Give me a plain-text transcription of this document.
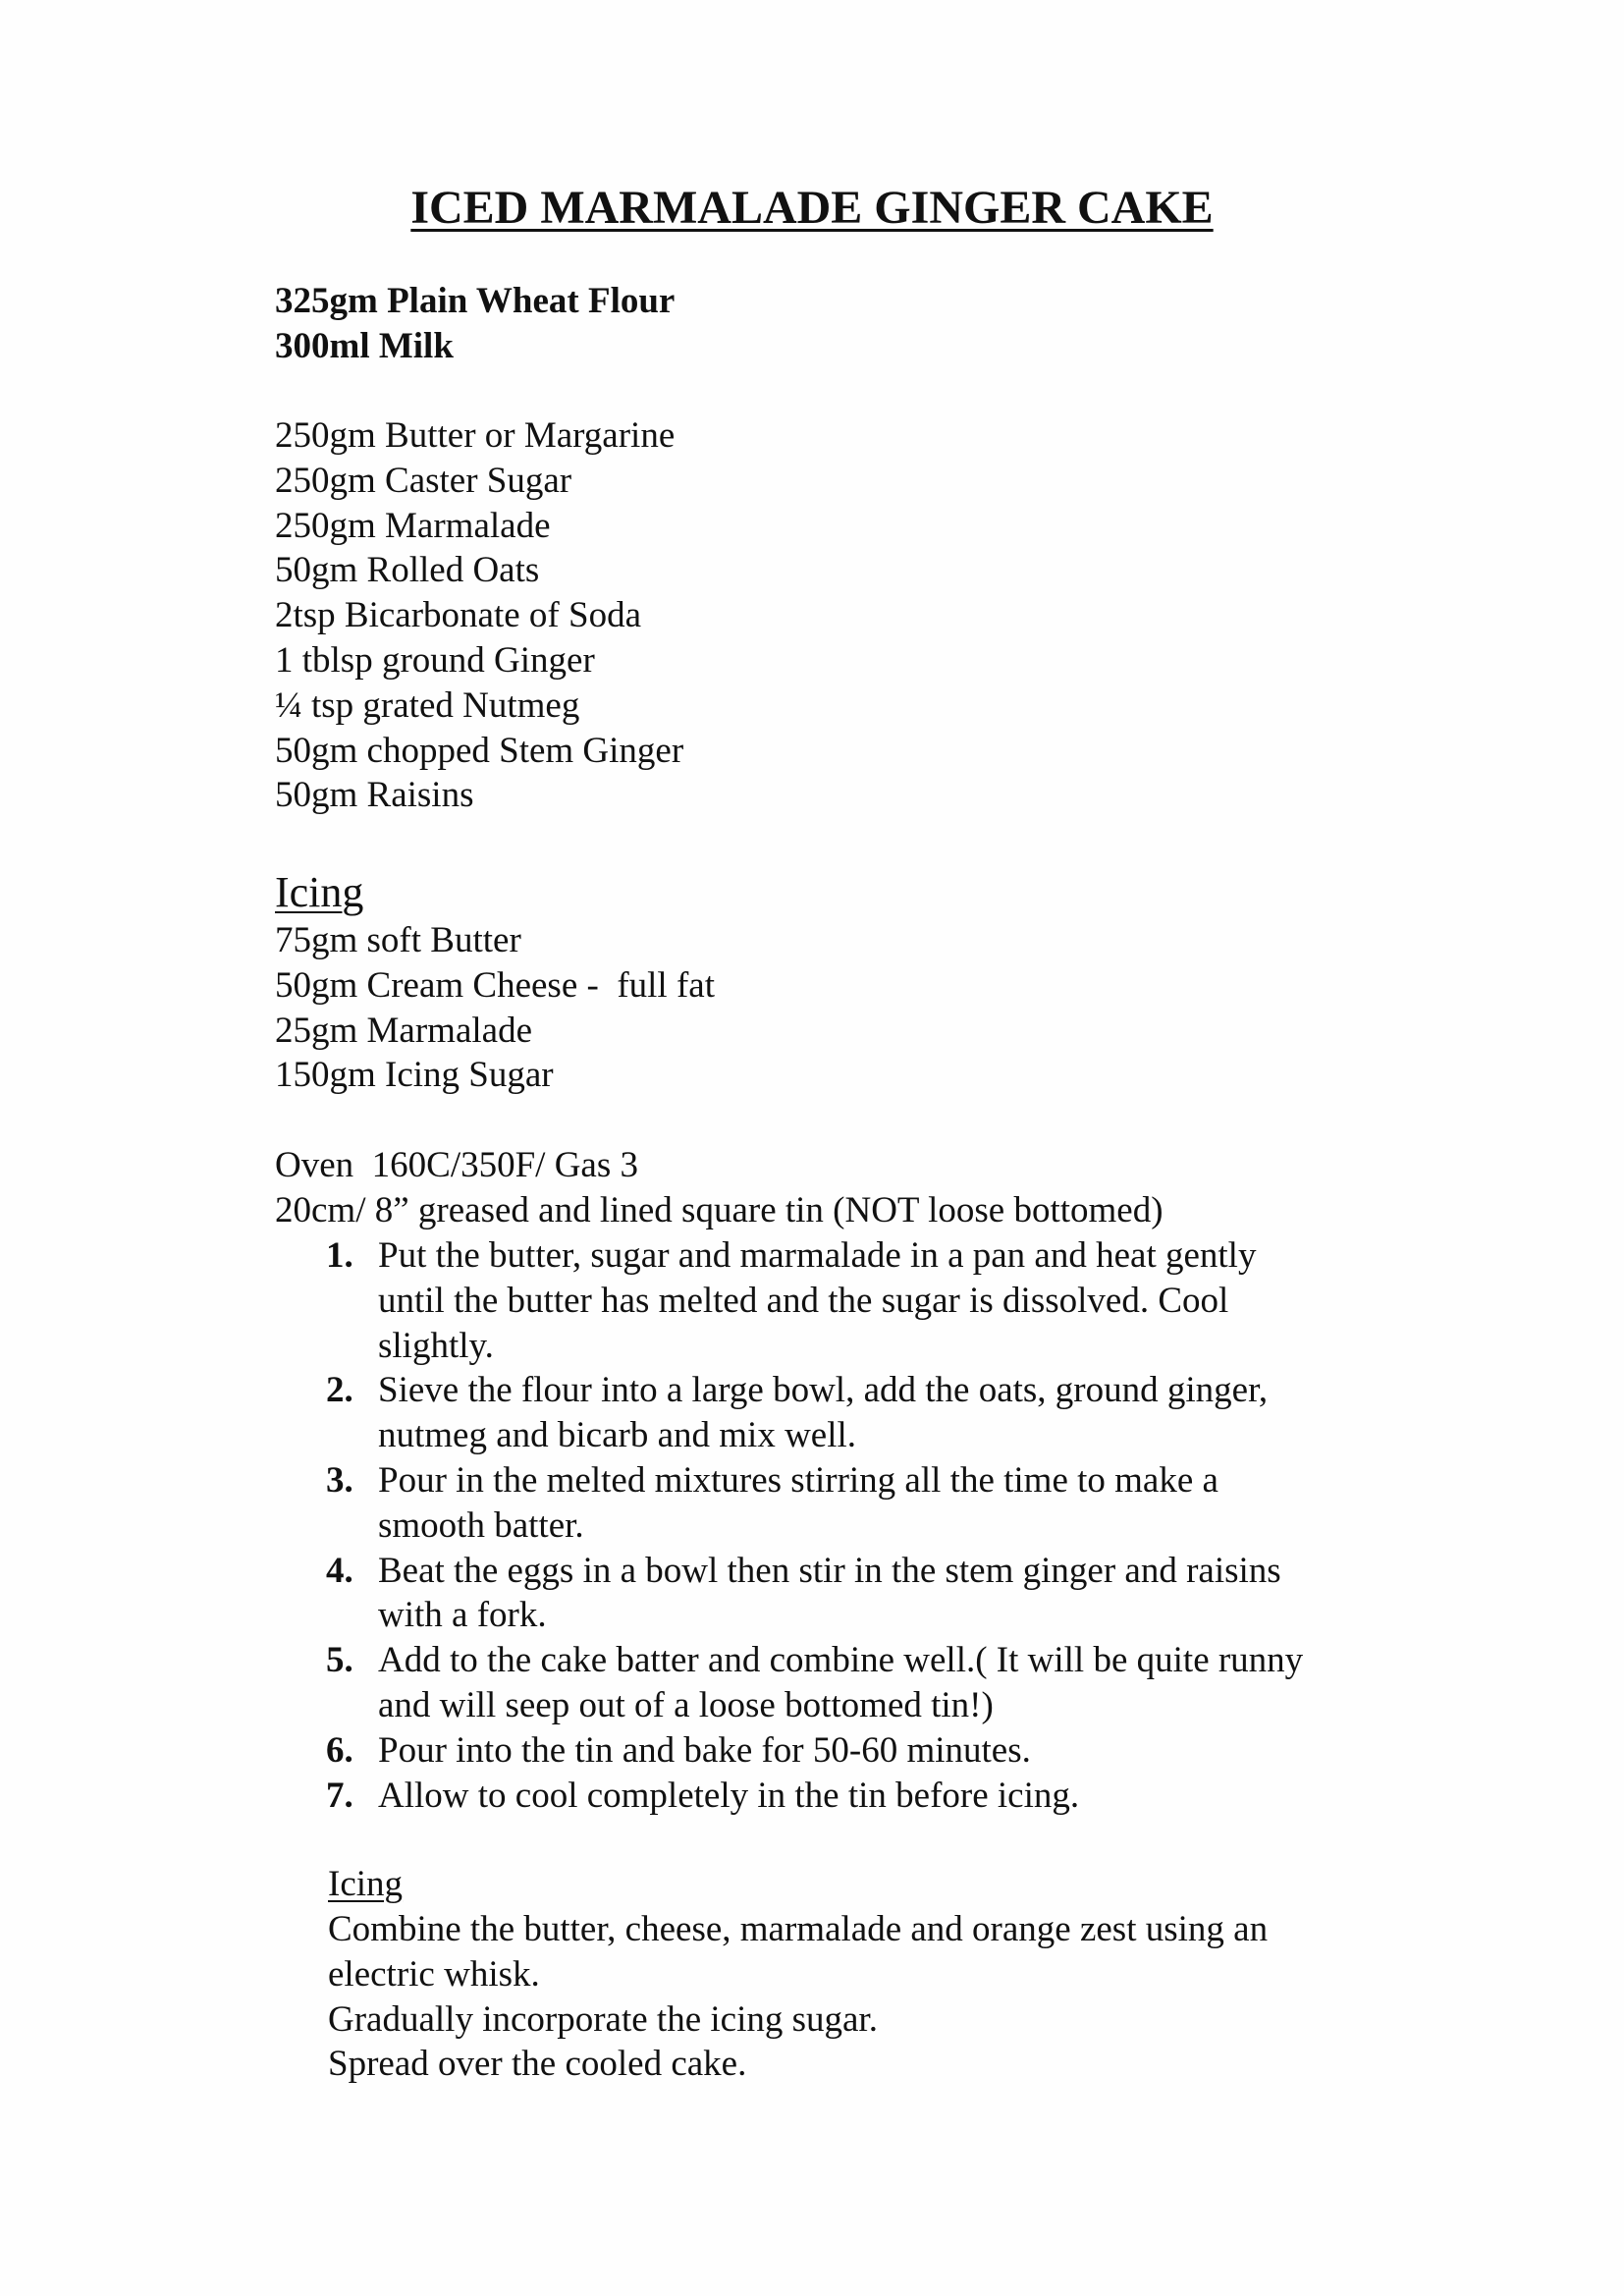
ICED MARMALADE GINGER CAKE
325gm Plain Wheat Flour
300ml Milk
250gm Butter or Margarine
250gm Caster Sugar
250gm Marmalade
50gm Rolled Oats
2tsp Bicarbonate of Soda
1 tblsp ground Ginger
¼ tsp grated Nutmeg
50gm chopped Stem Ginger
50gm Raisins
Icing
75gm soft Butter
50gm Cream Cheese -  full fat
25gm Marmalade
150gm Icing Sugar
Oven  160C/350F/ Gas 3
20cm/ 8” greased and lined square tin (NOT loose bottomed)
1. Put the butter, sugar and marmalade in a pan and heat gently
until the butter has melted and the sugar is dissolved. Cool
slightly.
2. Sieve the flour into a large bowl, add the oats, ground ginger,
nutmeg and bicarb and mix well.
3. Pour in the melted mixtures stirring all the time to make a
smooth batter.
4. Beat the eggs in a bowl then stir in the stem ginger and raisins
with a fork.
5. Add to the cake batter and combine well.( It will be quite runny
and will seep out of a loose bottomed tin!)
6. Pour into the tin and bake for 50-60 minutes.
7. Allow to cool completely in the tin before icing.
Icing
Combine the butter, cheese, marmalade and orange zest using an
electric whisk.
Gradually incorporate the icing sugar.
Spread over the cooled cake.
